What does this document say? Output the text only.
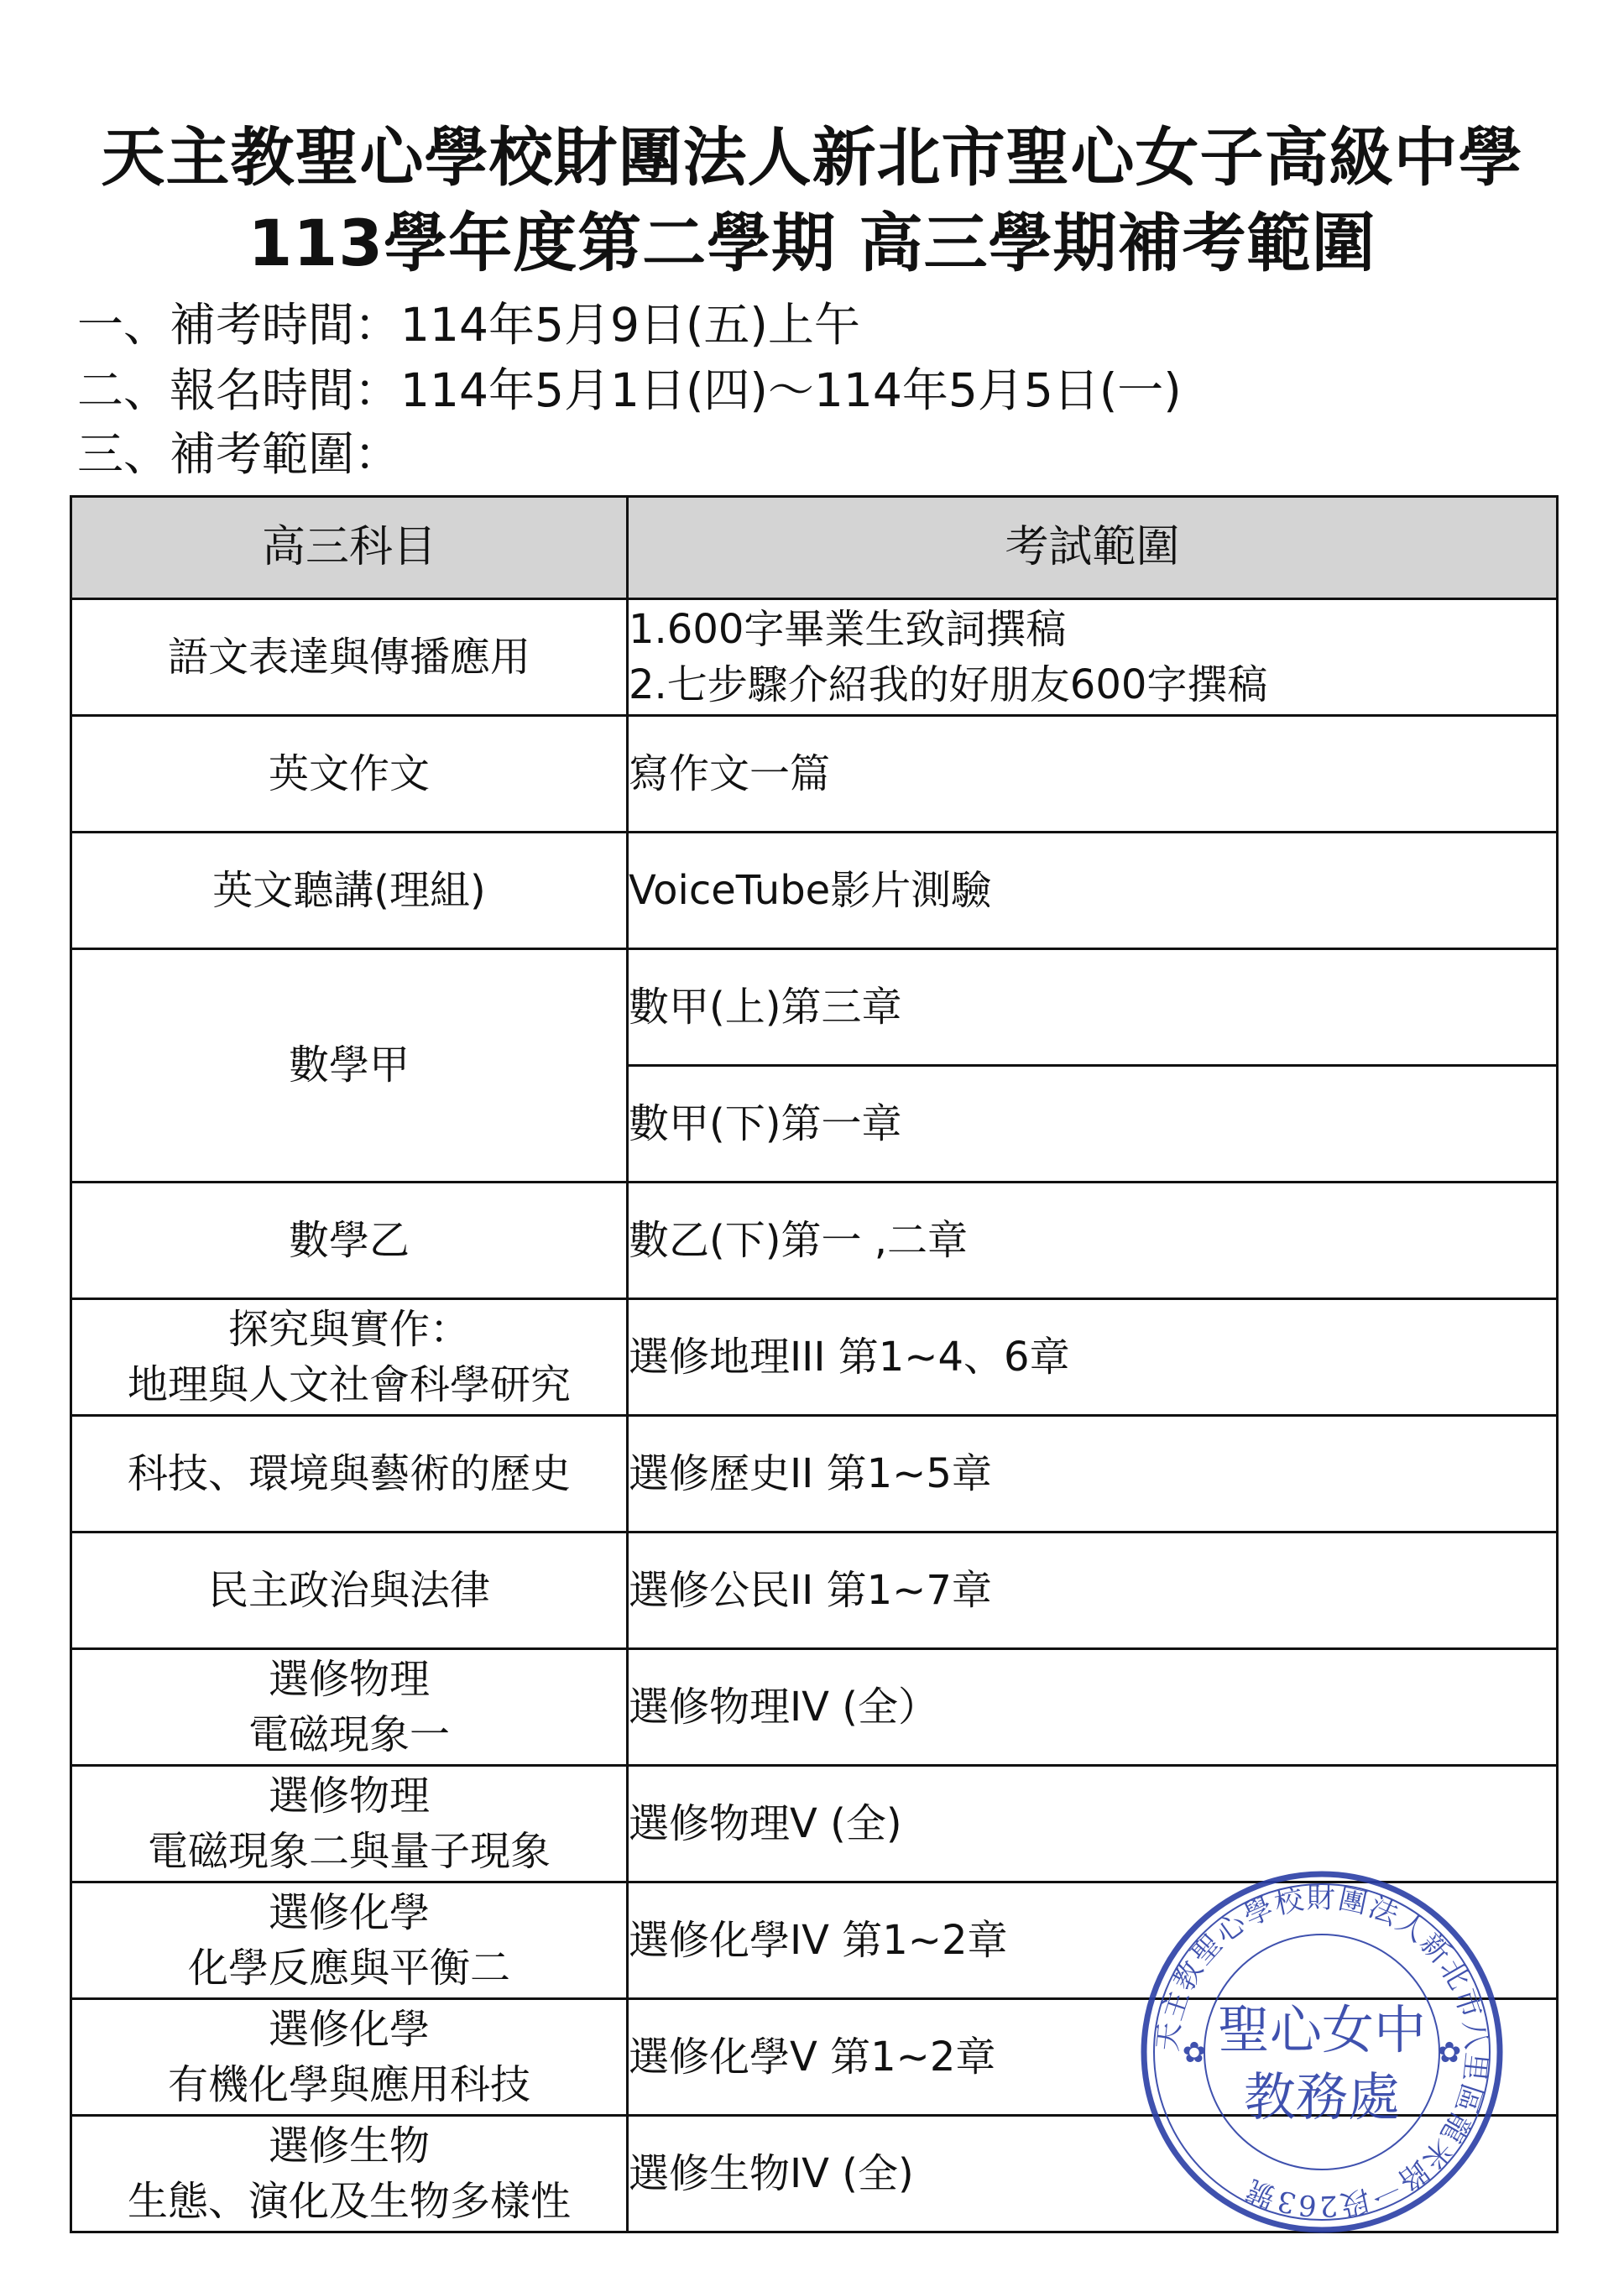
天主教聖心學校財團法人新北市聖心女子高級中學
113學年度第二學期 高三學期補考範圍
一、補考時間：114年5月9日(五)上午
二、報名時間：114年5月1日(四)～114年5月5日(一)
三、補考範圍：
高三科目	考試範圍

語文表達與傳播應用	1.600字畢業生致詞撰稿
2.七步驟介紹我的好朋友600字撰稿

英文作文	寫作文一篇

英文聽講(理組)	VoiceTube影片測驗

數學甲	數甲(上)第三章

	數甲(下)第一章

數學乙	數乙(下)第一 ,二章

探究與實作：
地理與人文社會科學研究	選修地理III 第1~4、6章

科技、環境與藝術的歷史	選修歷史II 第1~5章

民主政治與法律	選修公民II 第1~7章

選修物理
電磁現象一	選修物理IV (全）

選修物理
電磁現象二與量子現象	選修物理V (全)

選修化學
化學反應與平衡二	選修化學IV 第1~2章

選修化學
有機化學與應用科技	選修化學V 第1~2章

選修生物
生態、演化及生物多樣性	選修生物IV (全)
天主教聖心學校財團法人新北市八里區龍米路一段263號
聖心女中
教務處
✿	✿
